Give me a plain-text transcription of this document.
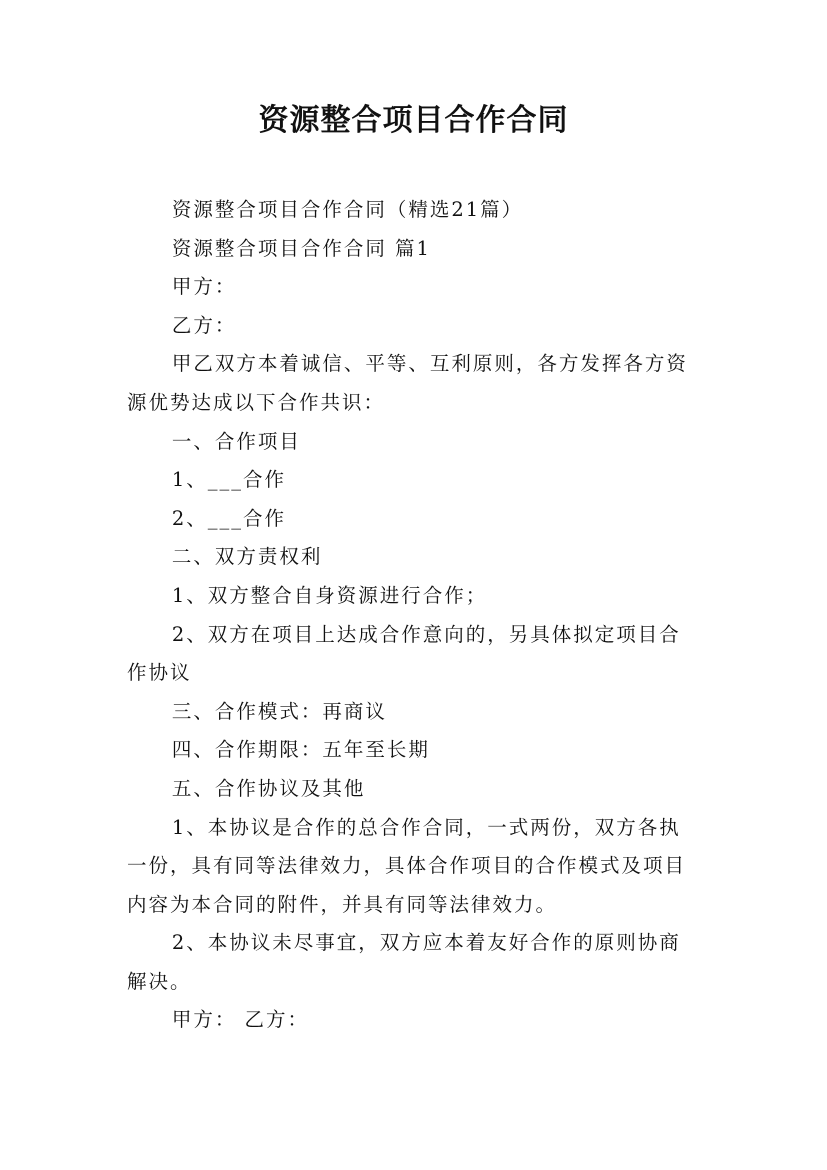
资源整合项目合作合同

资源整合项目合作合同（精选21篇）

资源整合项目合作合同 篇1

甲方：

乙方：

甲乙双方本着诚信、平等、互利原则，各方发挥各方资源优势达成以下合作共识：

一、合作项目

1、___合作

2、___合作

二、双方责权利

1、双方整合自身资源进行合作；

2、双方在项目上达成合作意向的，另具体拟定项目合作协议

三、合作模式：再商议

四、合作期限：五年至长期

五、合作协议及其他

1、本协议是合作的总合作合同，一式两份，双方各执一份，具有同等法律效力，具体合作项目的合作模式及项目内容为本合同的附件，并具有同等法律效力。

2、本协议未尽事宜，双方应本着友好合作的原则协商解决。

甲方： 乙方：
